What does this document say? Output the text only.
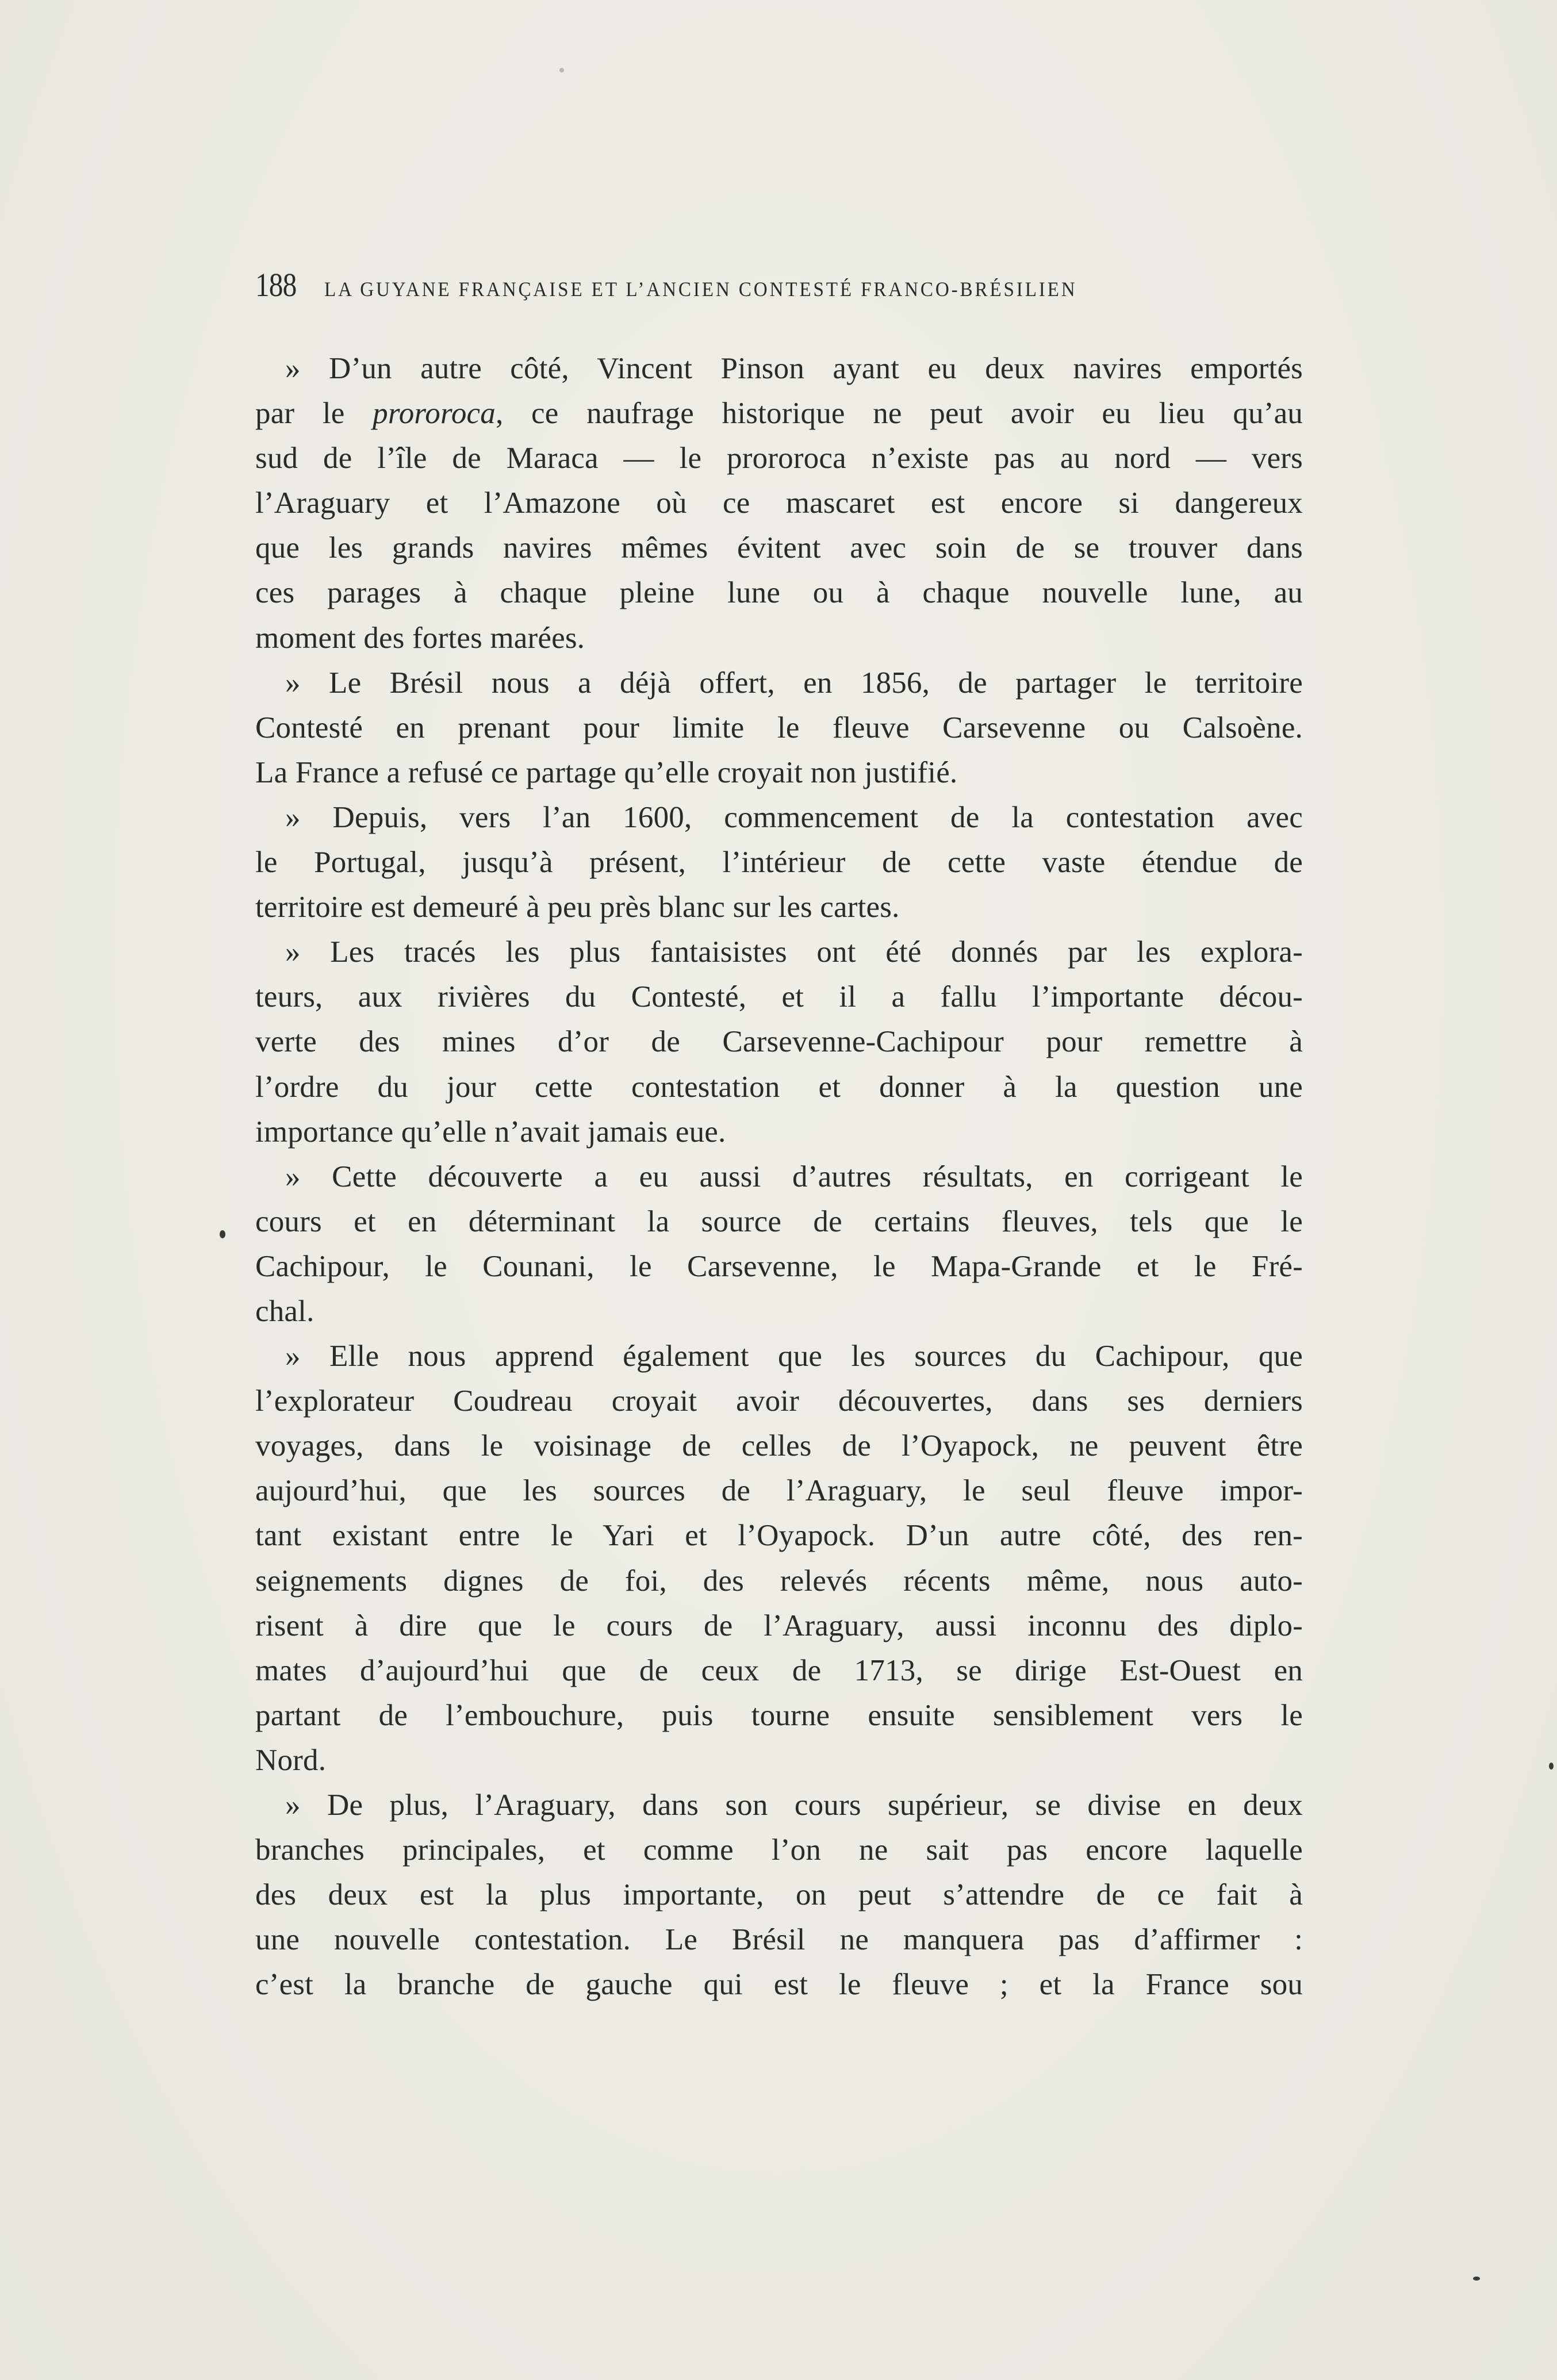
188 LA GUYANE FRANÇAISE ET L’ANCIEN CONTESTÉ FRANCO-BRÉSILIEN
» D’un autre côté, Vincent Pinson ayant eu deux navires emportés
par le prororoca, ce naufrage historique ne peut avoir eu lieu qu’au
sud de l’île de Maraca — le prororoca n’existe pas au nord — vers
l’Araguary et l’Amazone où ce mascaret est encore si dangereux
que les grands navires mêmes évitent avec soin de se trouver dans
ces parages à chaque pleine lune ou à chaque nouvelle lune, au
moment des fortes marées.
» Le Brésil nous a déjà offert, en 1856, de partager le territoire
Contesté en prenant pour limite le fleuve Carsevenne ou Calsoène.
La France a refusé ce partage qu’elle croyait non justifié.
» Depuis, vers l’an 1600, commencement de la contestation avec
le Portugal, jusqu’à présent, l’intérieur de cette vaste étendue de
territoire est demeuré à peu près blanc sur les cartes.
» Les tracés les plus fantaisistes ont été donnés par les explora-
teurs, aux rivières du Contesté, et il a fallu l’importante décou-
verte des mines d’or de Carsevenne-Cachipour pour remettre à
l’ordre du jour cette contestation et donner à la question une
importance qu’elle n’avait jamais eue.
» Cette découverte a eu aussi d’autres résultats, en corrigeant le
cours et en déterminant la source de certains fleuves, tels que le
Cachipour, le Counani, le Carsevenne, le Mapa-Grande et le Fré-
chal.
» Elle nous apprend également que les sources du Cachipour, que
l’explorateur Coudreau croyait avoir découvertes, dans ses derniers
voyages, dans le voisinage de celles de l’Oyapock, ne peuvent être
aujourd’hui, que les sources de l’Araguary, le seul fleuve impor-
tant existant entre le Yari et l’Oyapock. D’un autre côté, des ren-
seignements dignes de foi, des relevés récents même, nous auto-
risent à dire que le cours de l’Araguary, aussi inconnu des diplo-
mates d’aujourd’hui que de ceux de 1713, se dirige Est-Ouest en
partant de l’embouchure, puis tourne ensuite sensiblement vers le
Nord.
» De plus, l’Araguary, dans son cours supérieur, se divise en deux
branches principales, et comme l’on ne sait pas encore laquelle
des deux est la plus importante, on peut s’attendre de ce fait à
une nouvelle contestation. Le Brésil ne manquera pas d’affirmer :
c’est la branche de gauche qui est le fleuve ; et la France sou
